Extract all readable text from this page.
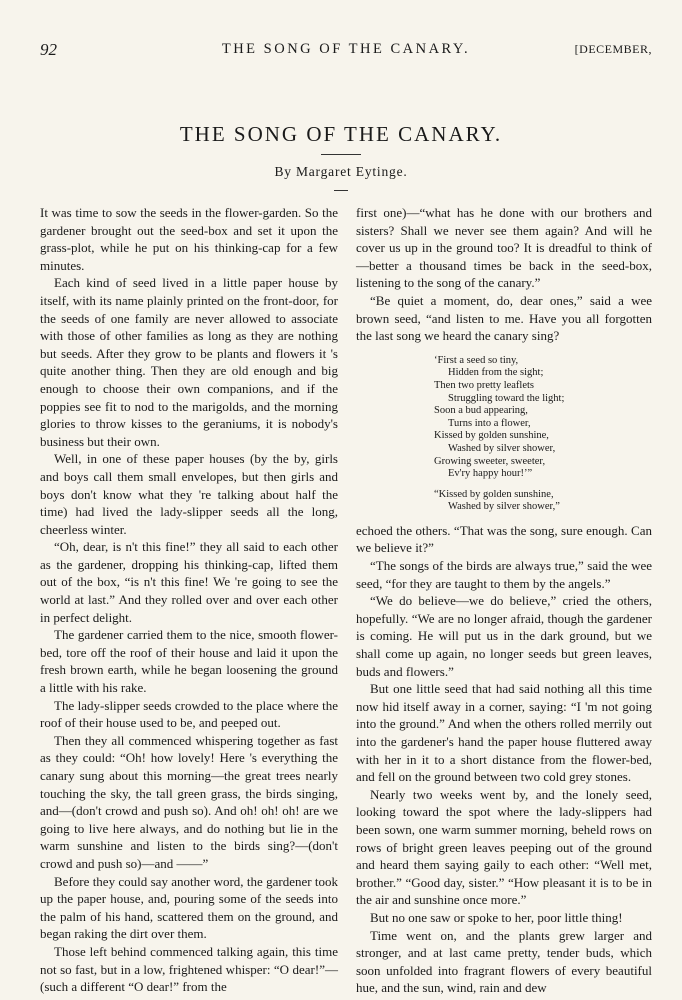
92	THE SONG OF THE CANARY.	[DECEMBER,
THE SONG OF THE CANARY.
By Margaret Eytinge.

It was time to sow the seeds in the flower-garden. So the gardener brought out the seed-box and set it upon the grass-plot, while he put on his thinking-cap for a few minutes.

Each kind of seed lived in a little paper house by itself, with its name plainly printed on the front-door, for the seeds of one family are never allowed to associate with those of other families as long as they are nothing but seeds. After they grow to be plants and flowers it 's quite another thing. Then they are old enough and big enough to choose their own companions, and if the poppies see fit to nod to the marigolds, and the morning glories to throw kisses to the geraniums, it is nobody's business but their own.

Well, in one of these paper houses (by the by, girls and boys call them small envelopes, but then girls and boys don't know what they 're talking about half the time) had lived the lady-slipper seeds all the long, cheerless winter.

“Oh, dear, is n't this fine!” they all said to each other as the gardener, dropping his thinking-cap, lifted them out of the box, “is n't this fine! We 're going to see the world at last.” And they rolled over and over each other in perfect delight.

The gardener carried them to the nice, smooth flower-bed, tore off the roof of their house and laid it upon the fresh brown earth, while he began loosening the ground a little with his rake.

The lady-slipper seeds crowded to the place where the roof of their house used to be, and peeped out.

Then they all commenced whispering together as fast as they could: “Oh! how lovely! Here 's everything the canary sung about this morning—the great trees nearly touching the sky, the tall green grass, the birds singing, and—(don't crowd and push so). And oh! oh! oh! are we going to live here always, and do nothing but lie in the warm sunshine and listen to the birds sing?—(don't crowd and push so)—and ——”

Before they could say another word, the gardener took up the paper house, and, pouring some of the seeds into the palm of his hand, scattered them on the ground, and began raking the dirt over them.

Those left behind commenced talking again, this time not so fast, but in a low, frightened whisper: “O dear!”—(such a different “O dear!” from the

first one)—“what has he done with our brothers and sisters? Shall we never see them again? And will he cover us up in the ground too? It is dreadful to think of—better a thousand times be back in the seed-box, listening to the song of the canary.”

“Be quiet a moment, do, dear ones,” said a wee brown seed, “and listen to me. Have you all forgotten the last song we heard the canary sing?

‘First a seed so tiny,
Hidden from the sight;
Then two pretty leaflets
Struggling toward the light;
Soon a bud appearing,
Turns into a flower,
Kissed by golden sunshine,
Washed by silver shower,
Growing sweeter, sweeter,
Ev'ry happy hour!’”
“Kissed by golden sunshine,
Washed by silver shower,”

echoed the others. “That was the song, sure enough. Can we believe it?”

“The songs of the birds are always true,” said the wee seed, “for they are taught to them by the angels.”

“We do believe—we do believe,” cried the others, hopefully. “We are no longer afraid, though the gardener is coming. He will put us in the dark ground, but we shall come up again, no longer seeds but green leaves, buds and flowers.”

But one little seed that had said nothing all this time now hid itself away in a corner, saying: “I 'm not going into the ground.” And when the others rolled merrily out into the gardener's hand the paper house fluttered away with her in it to a short distance from the flower-bed, and fell on the ground between two cold grey stones.

Nearly two weeks went by, and the lonely seed, looking toward the spot where the lady-slippers had been sown, one warm summer morning, beheld rows on rows of bright green leaves peeping out of the ground and heard them saying gaily to each other: “Well met, brother.” “Good day, sister.” “How pleasant it is to be in the air and sunshine once more.”

But no one saw or spoke to her, poor little thing!

Time went on, and the plants grew larger and stronger, and at last came pretty, tender buds, which soon unfolded into fragrant flowers of every beautiful hue, and the sun, wind, rain and dew
